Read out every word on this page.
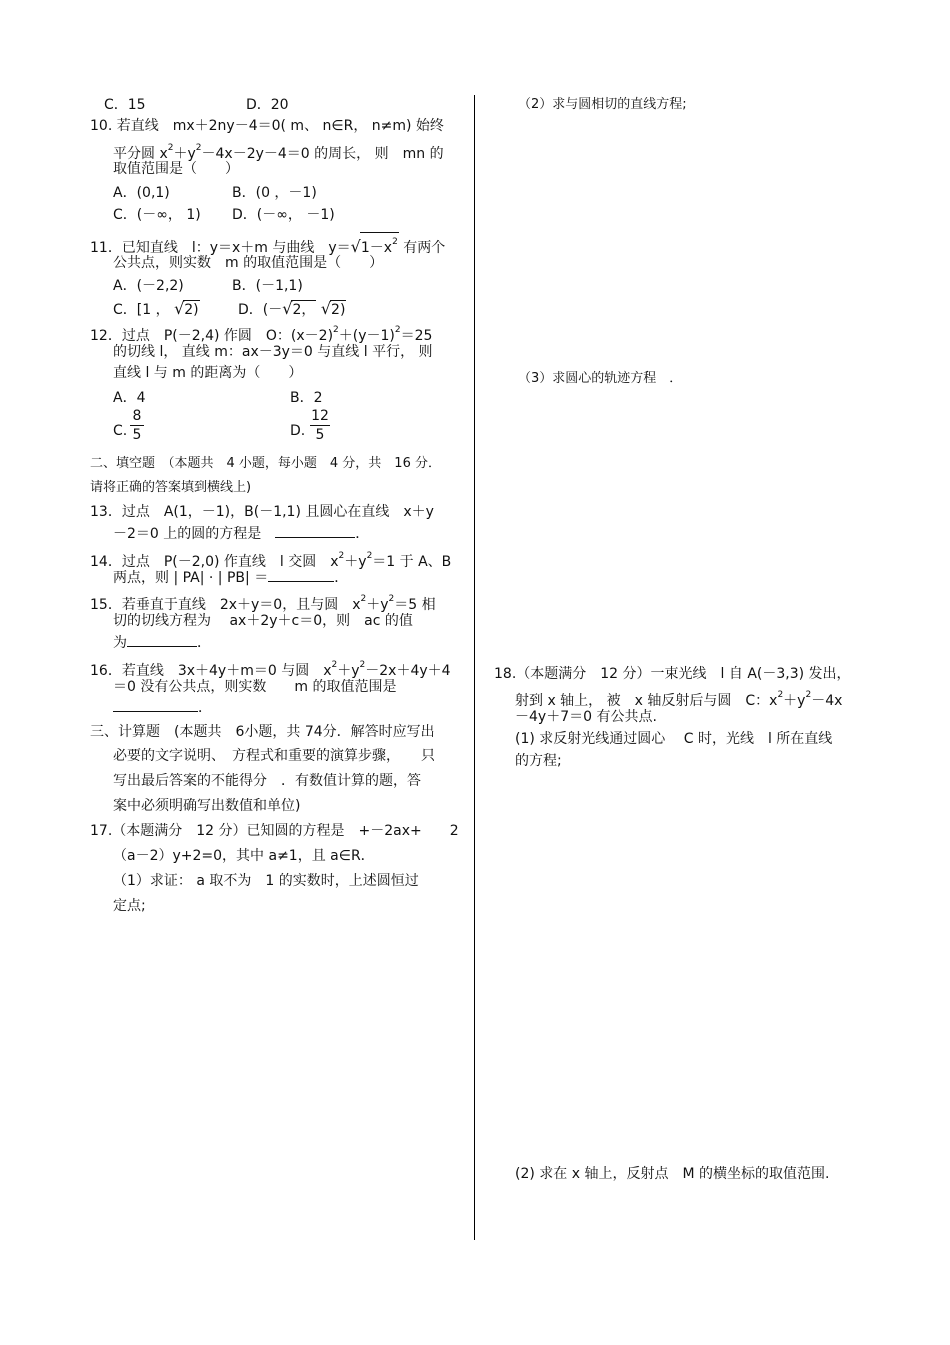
C．15	D．20
10. 若直线　mx＋2ny－4＝0( m、 n∈R， n≠m) 始终
平分圆 $x^2+y^2-4x-2y-4=0$ 的周长， 则　mn 的
取值范围是（　　）
A．(0,1)	B．(0 ，－1)
C．(－∞， 1) D．(－∞， －1)
11．已知直线　l：y＝x＋m 与曲线　$y=√1-x^2$ 有两个
公共点，则实数　m 的取值范围是（　　）
A．(－2,2)	B．(－1,1)
C．[1 ， √2)	D．(－√2， √2)
12．过点　P(－2,4) 作圆　O：$(x-2)^2+(y-1)^2=25$
的切线 l， 直线 m：ax－3y＝0 与直线 l 平行， 则
直线 l 与 m 的距离为（　　）
A．4	B．2
C.
8
5	D.
12
5
二、填空题　（本题共　4 小题，每小题　4 分，共　16 分．
请将正确的答案填到横线上)
13．过点　A(1，－1)，B(－1,1) 且圆心在直线　x＋y
－2＝0 上的圆的方程是　	．
14．过点　P(－2,0) 作直线　l 交圆　$x^2+y^2=1$ 于 A、B
两点，则 | PA| · | PB| ＝	．
15．若垂直于直线　2x＋y＝0，且与圆　$x^2+y^2=5$ 相
切的切线方程为　 ax＋2y＋c＝0，则　ac 的值
为	．
16．若直线　3x＋4y＋m＝0 与圆　$x^2+y^2-2x+4y+4$
＝0 没有公共点，则实数　　m 的取值范围是
．
三、计算题　(本题共　6小题，共 74分．解答时应写出
必要的文字说明、　方程式和重要的演算步骤，　　只
写出最后答案的不能得分　．有数值计算的题，答
案中必须明确写出数值和单位)
17.（本题满分　12 分）已知圆的方程是　+－2ax+　　2
（a－2）y+2=0，其中 a≠1，且 a∈R．
（1）求证： a 取不为　1 的实数时，上述圆恒过
定点;
（2）求与圆相切的直线方程;
（3）求圆心的轨迹方程　．
18.（本题满分　12 分）一束光线　l 自 A(－3,3) 发出，
射到 x 轴上， 被　x 轴反射后与圆　C：$x^2+y^2-4x$
－4y＋7＝0 有公共点.
(1) 求反射光线通过圆心　 C 时，光线　l 所在直线
的方程;
(2) 求在 x 轴上，反射点　M 的横坐标的取值范围.
